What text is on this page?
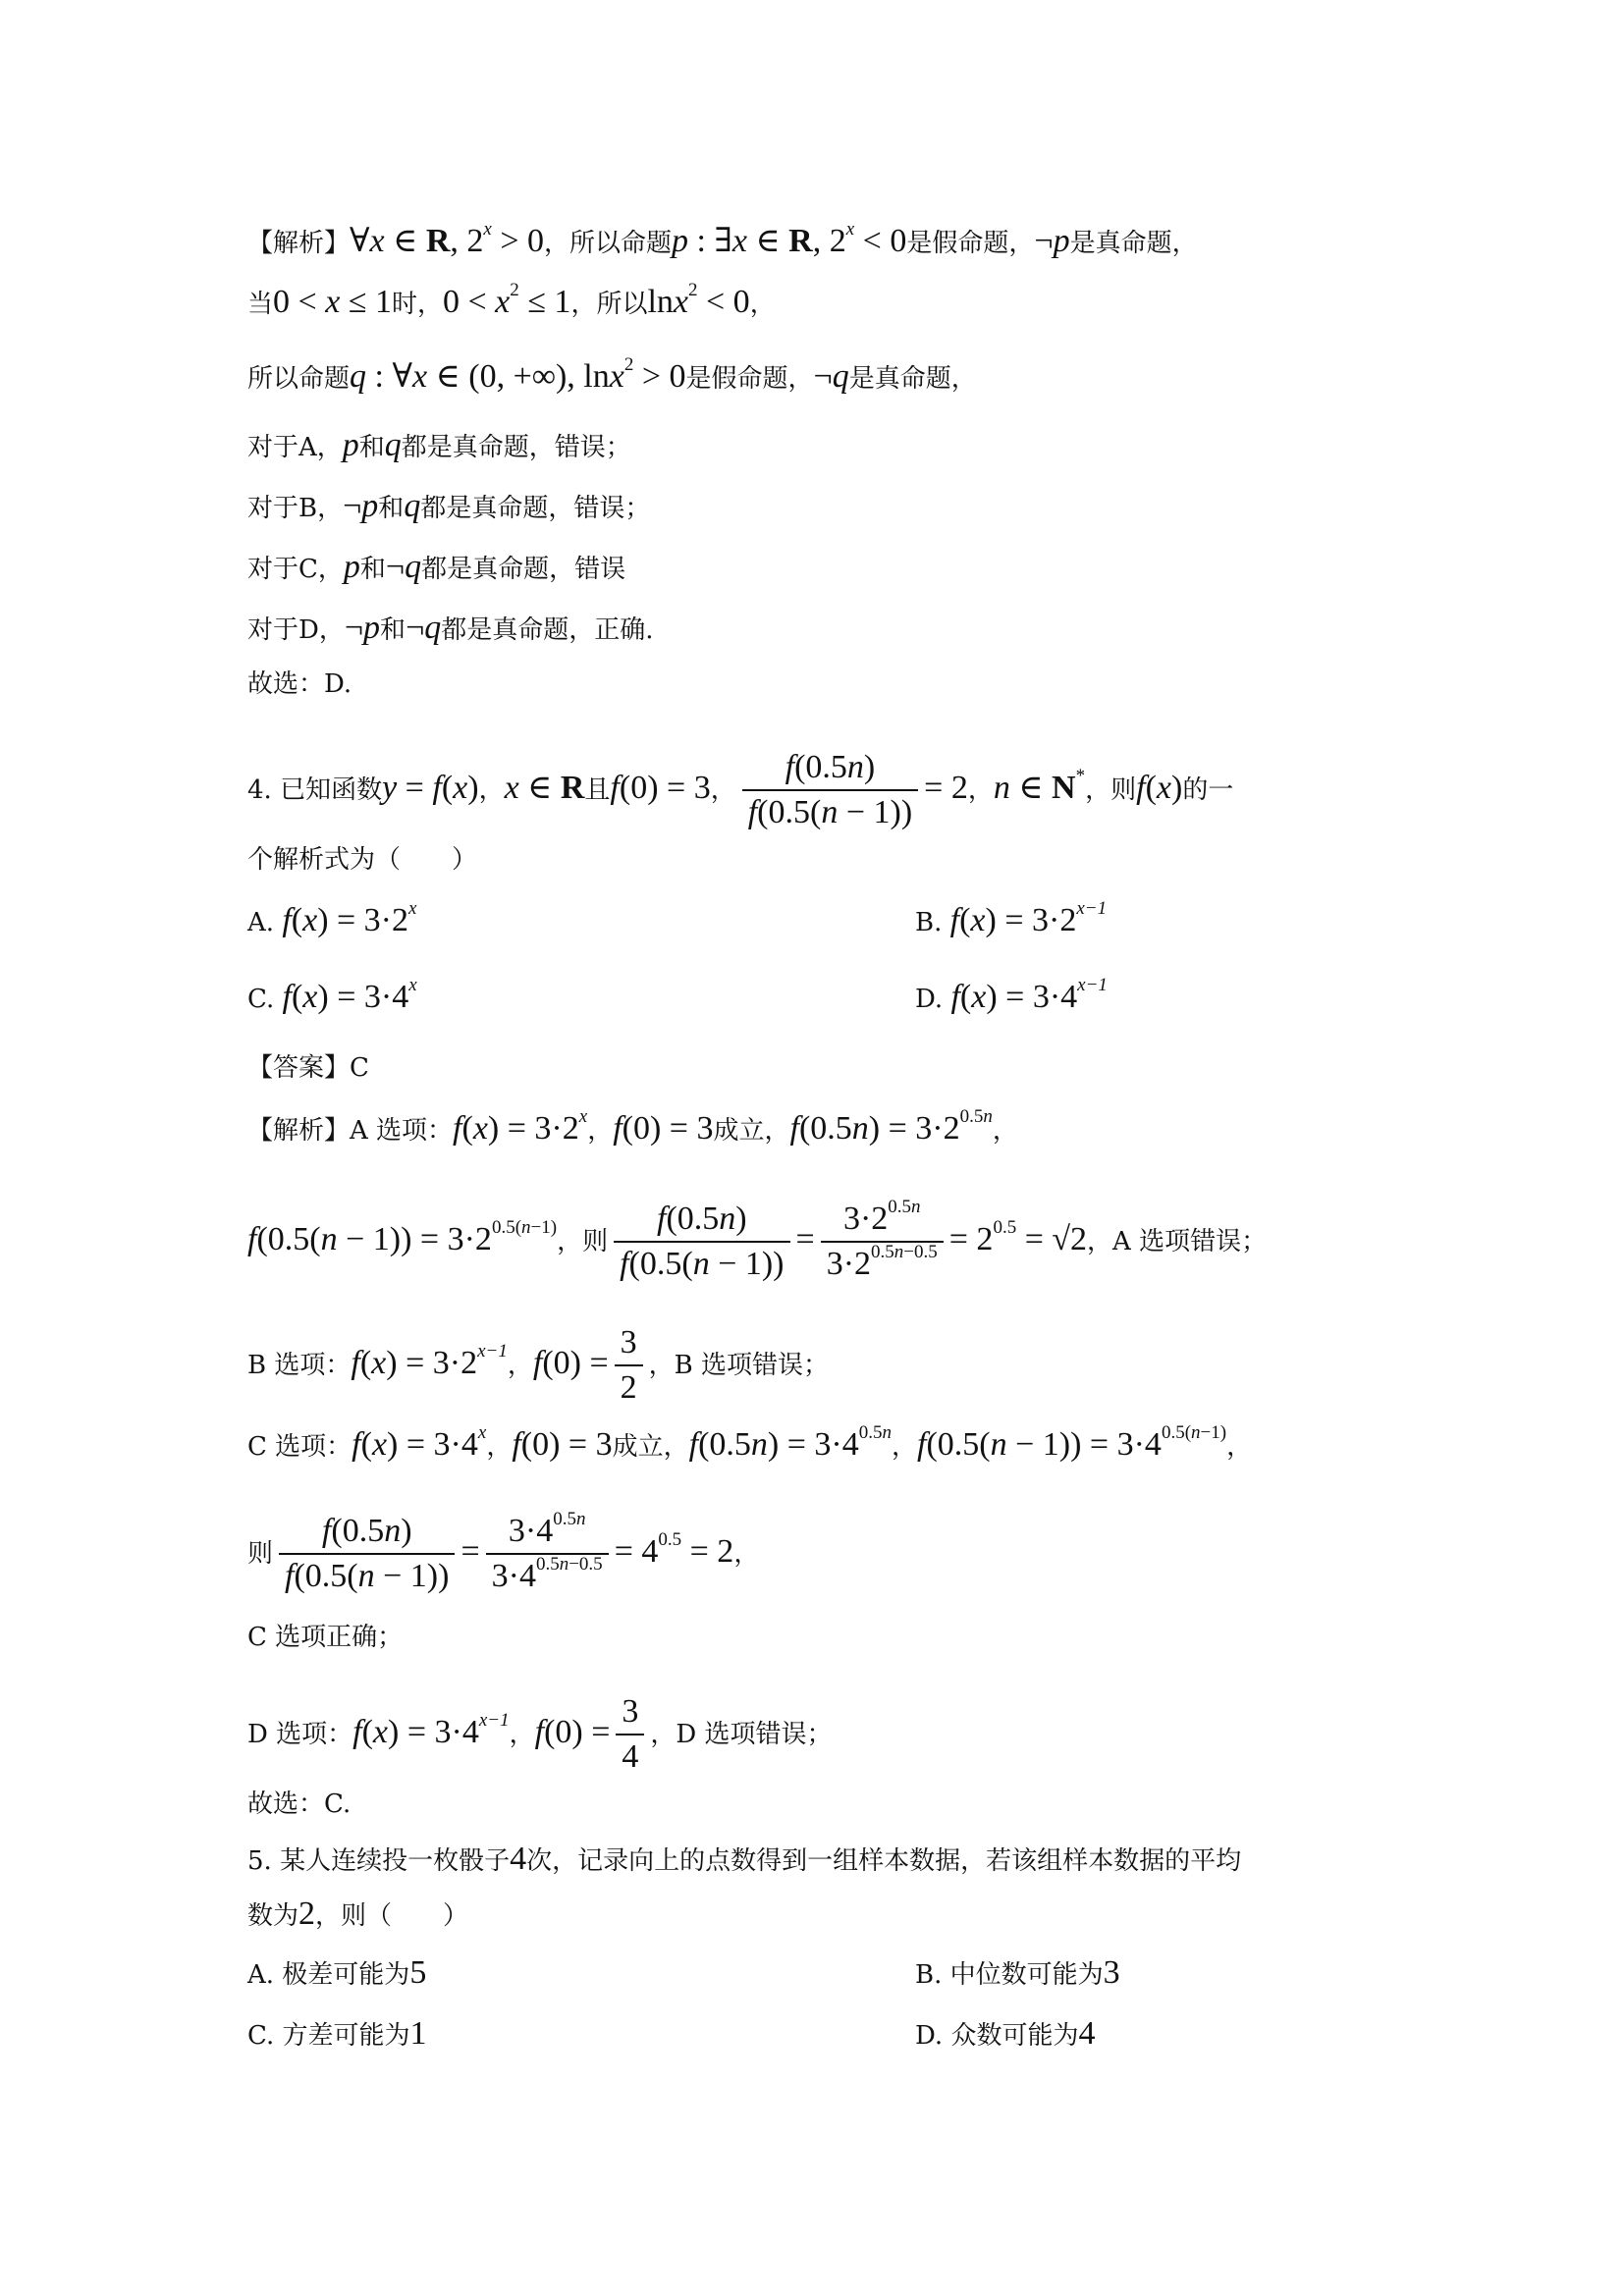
【解析】∀x ∈ R, $2^x > 0$，所以命题p : ∃x ∈ R, $2^x < 0$是假命题，¬p是真命题，
当0 < x ≤ 1时，$0 < x^2 \le 1$，所以lnx$^2$ < 0，
所以命题q : ∀x ∈ (0, +∞), lnx$^2$ > 0是假命题，¬q是真命题，
对于A，p和q都是真命题，错误；
对于B，¬p和q都是真命题，错误；
对于C，p和¬q都是真命题，错误
对于D，¬p和¬q都是真命题，正确.
故选：D.
4. 已知函数y = f(x)，x ∈ R且f(0) = 3， $\frac{f(0.5n)}{f(0.5(n - 1))} = 2$，n ∈ N*，则f(x)的一
个解析式为（　　）
A. $f(x) = 3\cdot 2^x$	B. $f(x) = 3\cdot 2^{x-1}$
C. $f(x) = 3\cdot 4^x$	D. $f(x) = 3\cdot 4^{x-1}$
【答案】C
【解析】A 选项：$f(x) = 3\cdot 2^x$，f(0) = 3成立，$f(0.5n) = 3\cdot 2^{0.5n}$，
$f(0.5(n - 1)) = 3\cdot 2^{0.5(n-1)}$，则 $\frac{f(0.5n)}{f(0.5(n - 1))} = \frac{3\cdot 2^{0.5n}}{3\cdot 2^{0.5n-0.5}} = 2^{0.5} = √2$，A 选项错误；
B 选项：$f(x) = 3\cdot 2^{x-1}$，$f(0) = \frac{3}{2}$ ，B 选项错误；
C 选项：$f(x) = 3\cdot 4^x$，f(0) = 3成立，$f(0.5n) = 3\cdot 4^{0.5n}$，$f(0.5(n - 1)) = 3\cdot 4^{0.5(n-1)}$，
则 $\frac{f(0.5n)}{f(0.5(n - 1))} = \frac{3\cdot 4^{0.5n}}{3\cdot 4^{0.5n-0.5}} = 4^{0.5} = 2$，
C 选项正确；
D 选项：$f(x) = 3\cdot 4^{x-1}$，$f(0) = \frac{3}{4}$ ，D 选项错误；
故选：C.
5. 某人连续投一枚骰子4次，记录向上的点数得到一组样本数据，若该组样本数据的平均
数为2，则（　　）
A. 极差可能为5	B. 中位数可能为3
C. 方差可能为1	D. 众数可能为4
